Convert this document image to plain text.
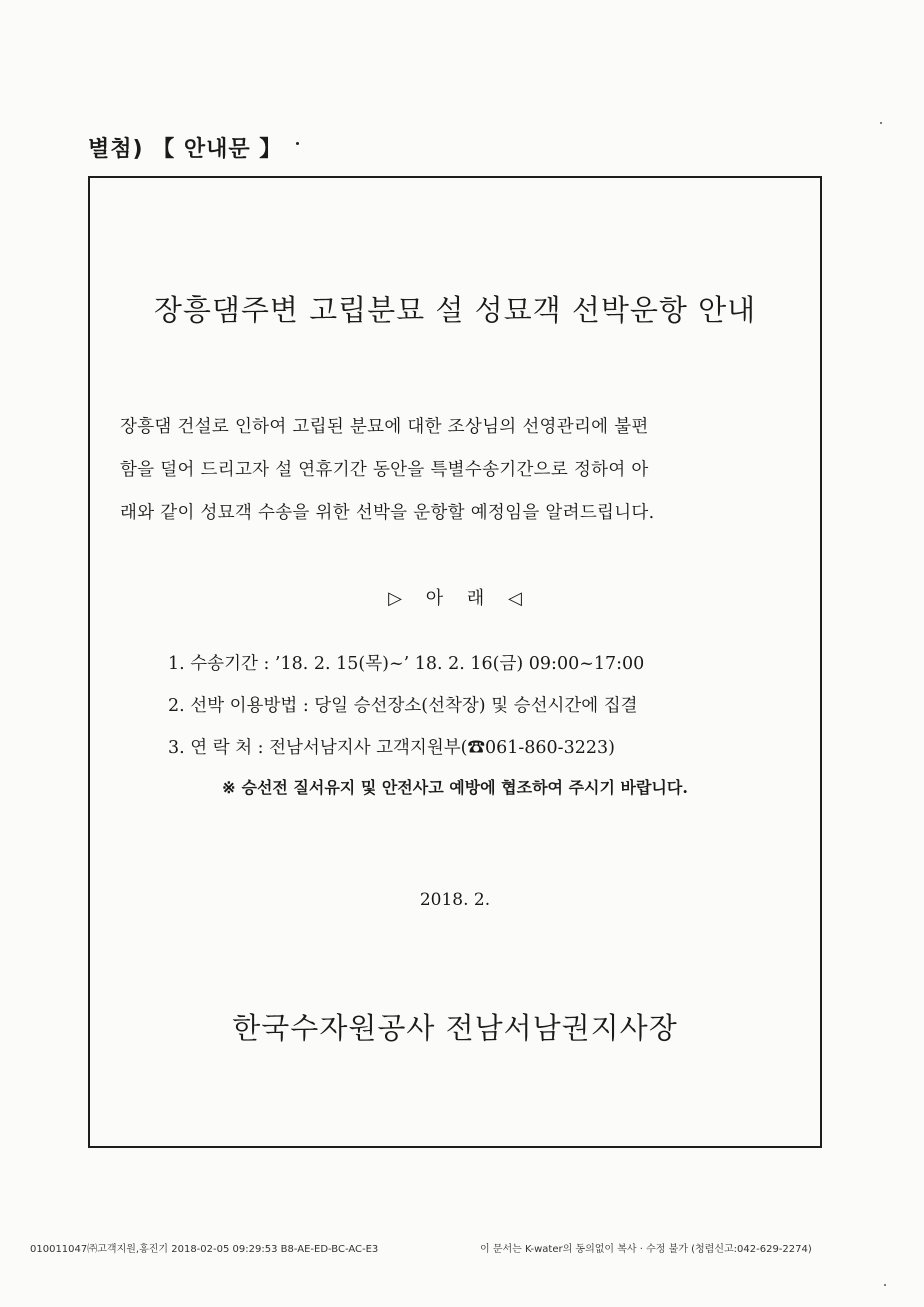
별첨) 【 안내문 】
장흥댐주변 고립분묘 설 성묘객 선박운항 안내

장흥댐 건설로 인하여 고립된 분묘에 대한 조상님의 선영관리에 불편

함을 덜어 드리고자 설 연휴기간 동안을 특별수송기간으로 정하여 아

래와 같이 성묘객 수송을 위한 선박을 운항할 예정임을 알려드립니다.

▷ 아 래 ◁
1. 수송기간 : ’18. 2. 15(목)~’ 18. 2. 16(금) 09:00~17:00
2. 선박 이용방법 : 당일 승선장소(선착장) 및 승선시간에 집결
3. 연 락 처 : 전남서남지사 고객지원부(☎061-860-3223)
※ 승선전 질서유지 및 안전사고 예방에 협조하여 주시기 바랍니다.
2018. 2.
한국수자원공사 전남서남권지사장
010011047㈜고객지원,홍진기 2018-02-05 09:29:53 B8-AE-ED-BC-AC-E3	이 문서는 K-water의 동의없이 복사 · 수정 불가 (청렴신고:042-629-2274)
